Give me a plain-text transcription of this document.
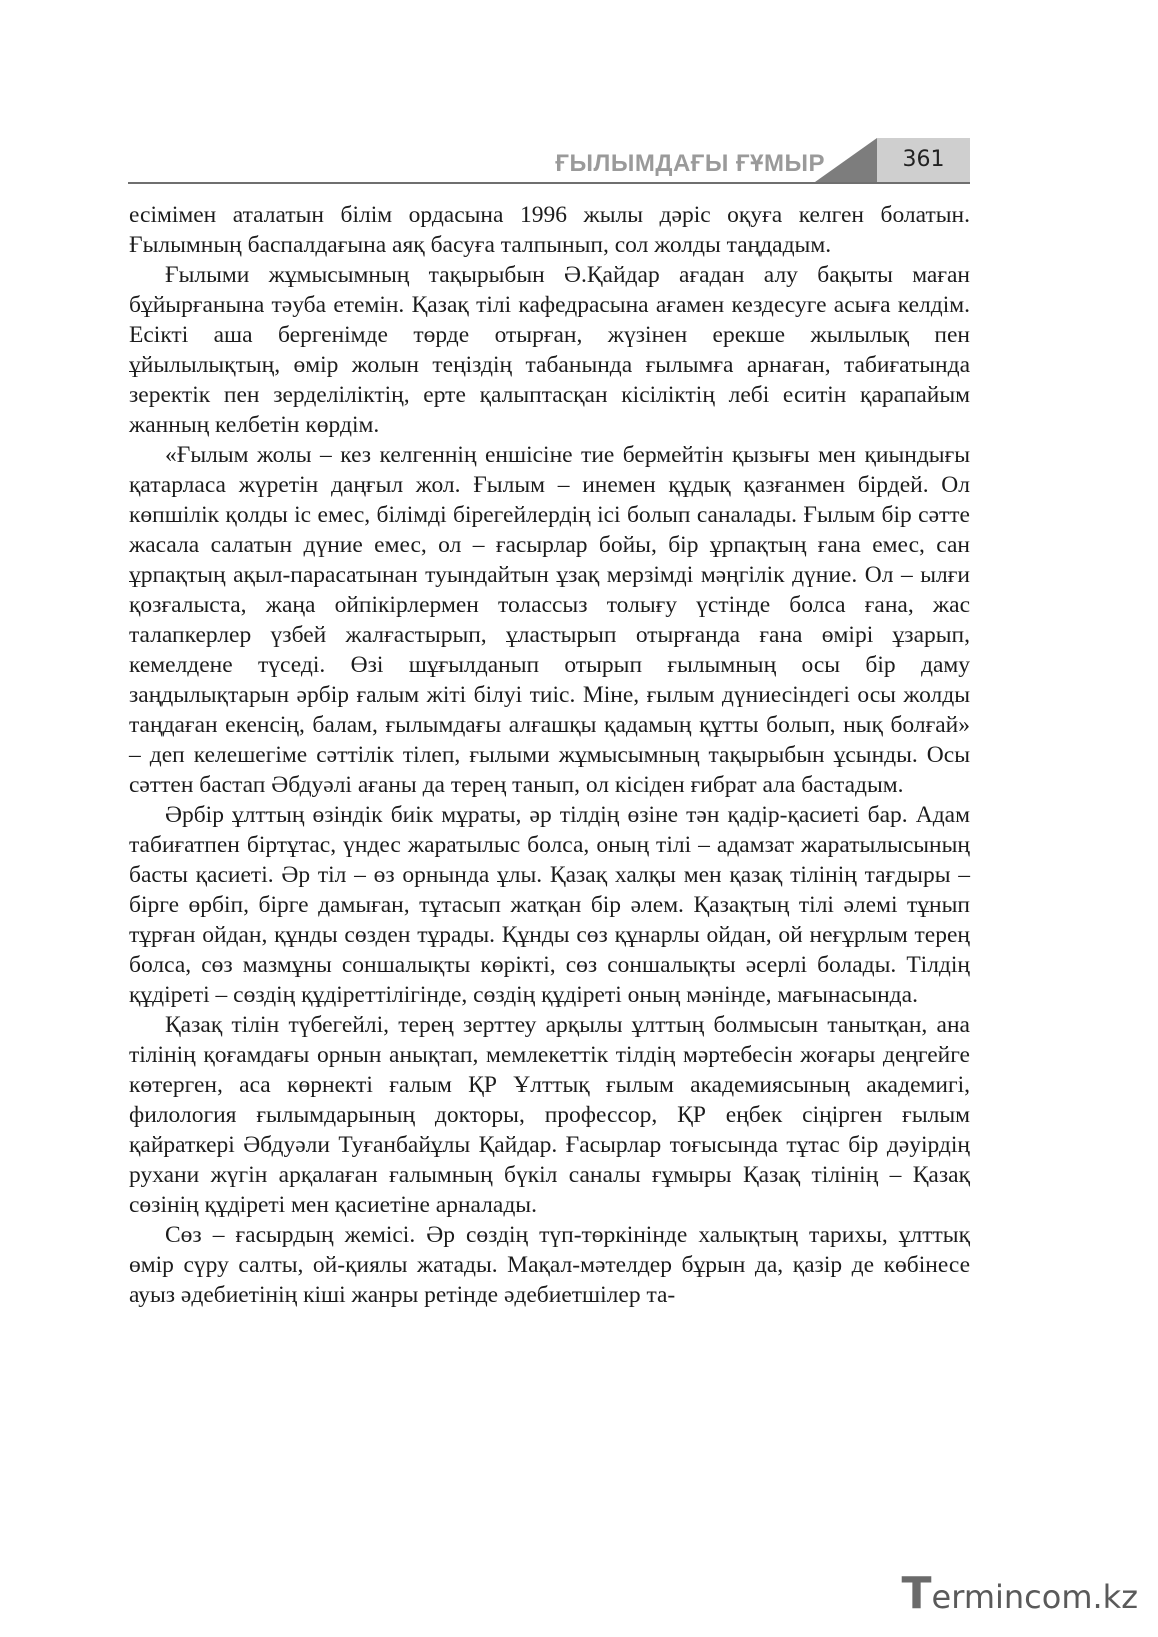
ҒЫЛЫМДАҒЫ ҒҰМЫР	361

есімімен аталатын білім ордасына 1996 жылы дәріс оқуға келген болатын. Ғылымның баспалдағына аяқ басуға талпынып, сол жолды таңдадым.

Ғылыми жұмысымның тақырыбын Ә.Қайдар ағадан алу бақыты маған бұйырғанына тәуба етемін. Қазақ тілі кафедрасына ағамен кездесуге асыға келдім. Есікті аша бергенімде төрде отырған, жүзінен ерекше жылылық пен ұйылылықтың, өмір жолын теңіздің табанында ғылымға арнаған, табиғатында зеректік пен зерделіліктің, ерте қалыптасқан кісіліктің лебі еситін қарапайым жанның келбетін көрдім.

«Ғылым жолы – кез келгеннің еншісіне тие бермейтін қызығы мен қиындығы қатарласа жүретін даңғыл жол. Ғылым – инемен құдық қазғанмен бірдей. Ол көпшілік қолды іс емес, білімді бірегейлердің ісі болып саналады. Ғылым бір сәтте жасала салатын дүние емес, ол – ғасырлар бойы, бір ұрпақтың ғана емес, сан ұрпақтың ақыл-парасатынан туындайтын ұзақ мерзімді мәңгілік дүние. Ол – ылғи қозғалыста, жаңа ойпікірлермен толассыз толығу үстінде болса ғана, жас талапкерлер үзбей жалғастырып, ұластырып отырғанда ғана өмірі ұзарып, кемелдене түседі. Өзі шұғылданып отырып ғылымның осы бір даму заңдылықтарын әрбір ғалым жіті білуі тиіс. Міне, ғылым дүниесіндегі осы жолды таңдаған екенсің, балам, ғылымдағы алғашқы қадамың құтты болып, нық болғай» – деп келешегіме сәттілік тілеп, ғылыми жұмысымның тақырыбын ұсынды. Осы сәттен бастап Әбдуәлі ағаны да терең танып, ол кісіден ғибрат ала бастадым.

Әрбір ұлттың өзіндік биік мұраты, әр тілдің өзіне тән қадір-қасиеті бар. Адам табиғатпен біртұтас, үндес жаратылыс болса, оның тілі – адамзат жаратылысының басты қасиеті. Әр тіл – өз орнында ұлы. Қазақ халқы мен қазақ тілінің тағдыры – бірге өрбіп, бірге дамыған, тұтасып жатқан бір әлем. Қазақтың тілі әлемі тұнып тұрған ойдан, құнды сөзден тұрады. Құнды сөз құнарлы ойдан, ой неғұрлым терең болса, сөз мазмұны соншалықты көрікті, сөз соншалықты әсерлі болады. Тілдің құдіреті – сөздің құдіреттілігінде, сөздің құдіреті оның мәнінде, мағынасында.

Қазақ тілін түбегейлі, терең зерттеу арқылы ұлттың болмысын танытқан, ана тілінің қоғамдағы орнын анықтап, мемлекеттік тілдің мәртебесін жоғары деңгейге көтерген, аса көрнекті ғалым ҚР Ұлттық ғылым академиясының академигі, филология ғылымдарының докторы, профессор, ҚР еңбек сіңірген ғылым қайраткері Әбдуәли Туғанбайұлы Қайдар. Ғасырлар тоғысында тұтас бір дәуірдің рухани жүгін арқалаған ғалымның бүкіл саналы ғұмыры Қазақ тілінің – Қазақ сөзінің құдіреті мен қасиетіне арналады.

Сөз – ғасырдың жемісі. Әр сөздің түп-төркінінде халықтың тарихы, ұлттық өмір сүру салты, ой-қиялы жатады. Мақал-мәтелдер бұрын да, қазір де көбінесе ауыз әдебиетінің кіші жанры ретінде әдебиетшілер та-

Termincom.kz
